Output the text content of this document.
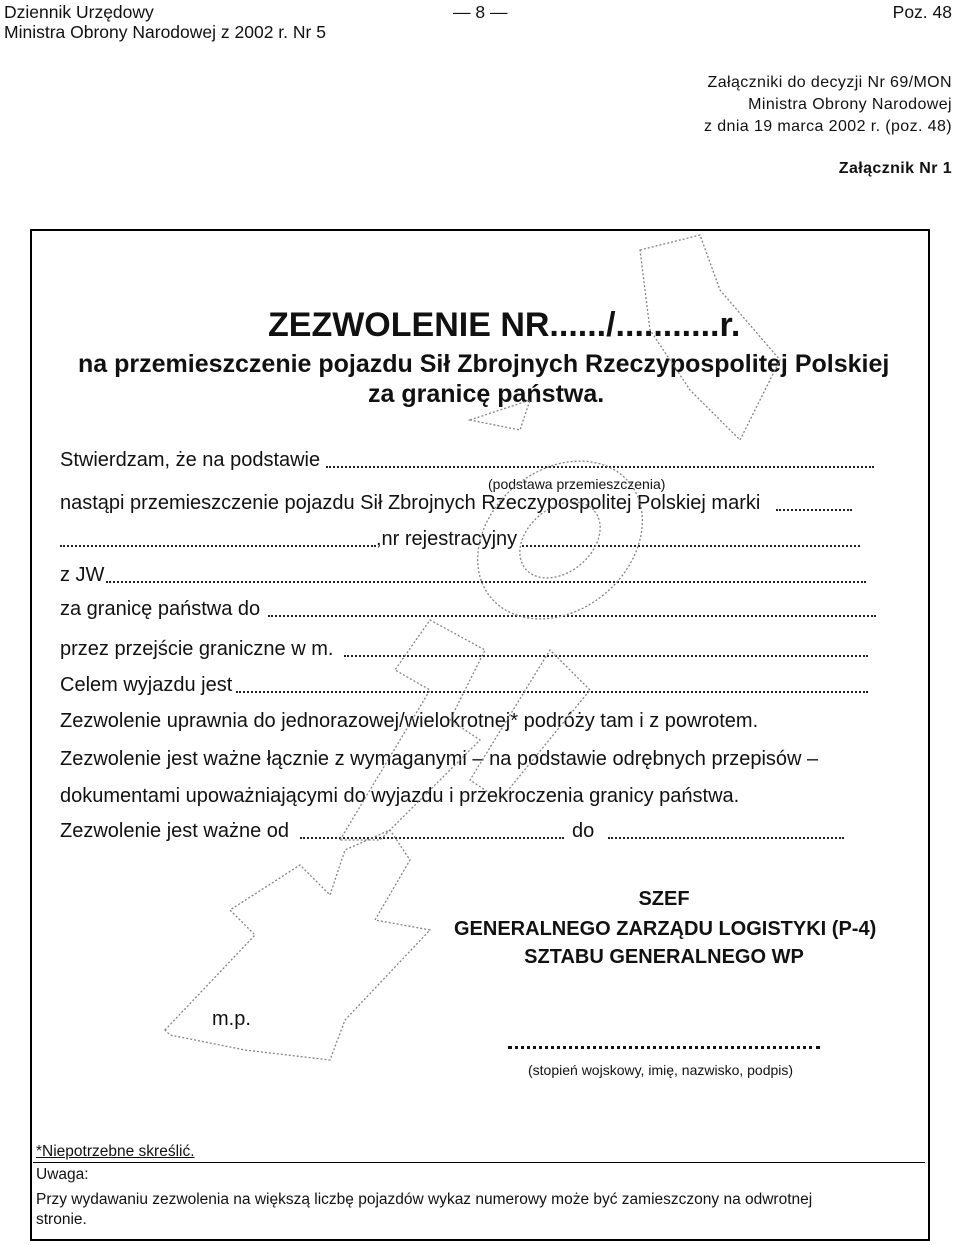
Dziennik Urzędowy
Ministra Obrony Narodowej z 2002 r. Nr 5
— 8 —	Poz. 48
Załączniki do decyzji Nr 69/MON
Ministra Obrony Narodowej
z dnia 19 marca 2002 r. (poz. 48)
Załącznik Nr 1
ZEZWOLENIE NR....../...........r.
na przemieszczenie pojazdu Sił Zbrojnych Rzeczypospolitej Polskiej
za granicę państwa.
Stwierdzam, że na podstawie
(podstawa przemieszczenia)
nastąpi przemieszczenie pojazdu Sił Zbrojnych Rzeczypospolitej Polskiej marki
,nr rejestracyjny
z JW
za granicę państwa do
przez przejście graniczne w m.
Celem wyjazdu jest
Zezwolenie uprawnia do jednorazowej/wielokrotnej* podróży tam i z powrotem.
Zezwolenie jest ważne łącznie z wymaganymi – na podstawie odrębnych przepisów –
dokumentami upoważniającymi do wyjazdu i przekroczenia granicy państwa.
Zezwolenie jest ważne od	do
SZEF
GENERALNEGO ZARZĄDU LOGISTYKI (P-4)
SZTABU GENERALNEGO WP
m.p.
(stopień wojskowy, imię, nazwisko, podpis)
*Niepotrzebne skreślić.
Uwaga:
Przy wydawaniu zezwolenia na większą liczbę pojazdów wykaz numerowy może być zamieszczony na odwrotnej
stronie.
